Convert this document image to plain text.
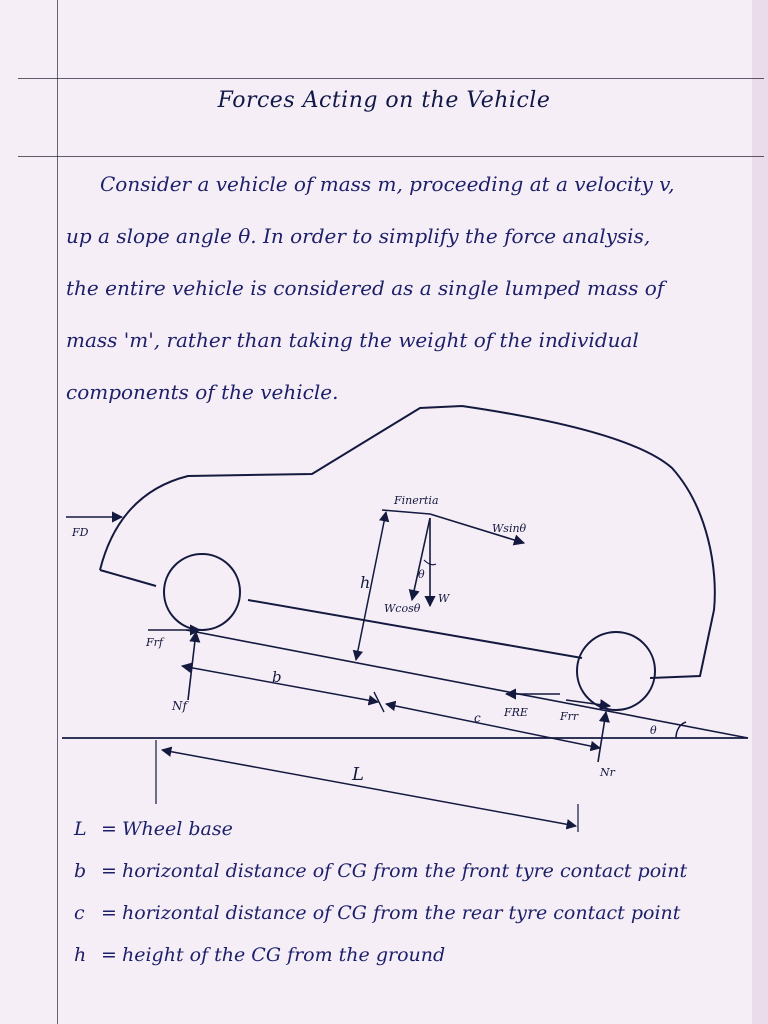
Forces Acting on the Vehicle
Consider a vehicle of mass m, proceeding at a velocity v,
up a slope angle θ. In order to simplify the force analysis,
the entire vehicle is considered as a single lumped mass of
mass 'm', rather than taking the weight of the individual
components of the vehicle.
FD
Finertia
Wsinθ
W
Wcosθ
θ
h
Frf
Nf
b
c FRE	Frr
Nr
θ
L
L = Wheel base
b = horizontal distance of CG from the front tyre contact point
c = horizontal distance of CG from the rear tyre contact point
h = height of the CG from the ground
